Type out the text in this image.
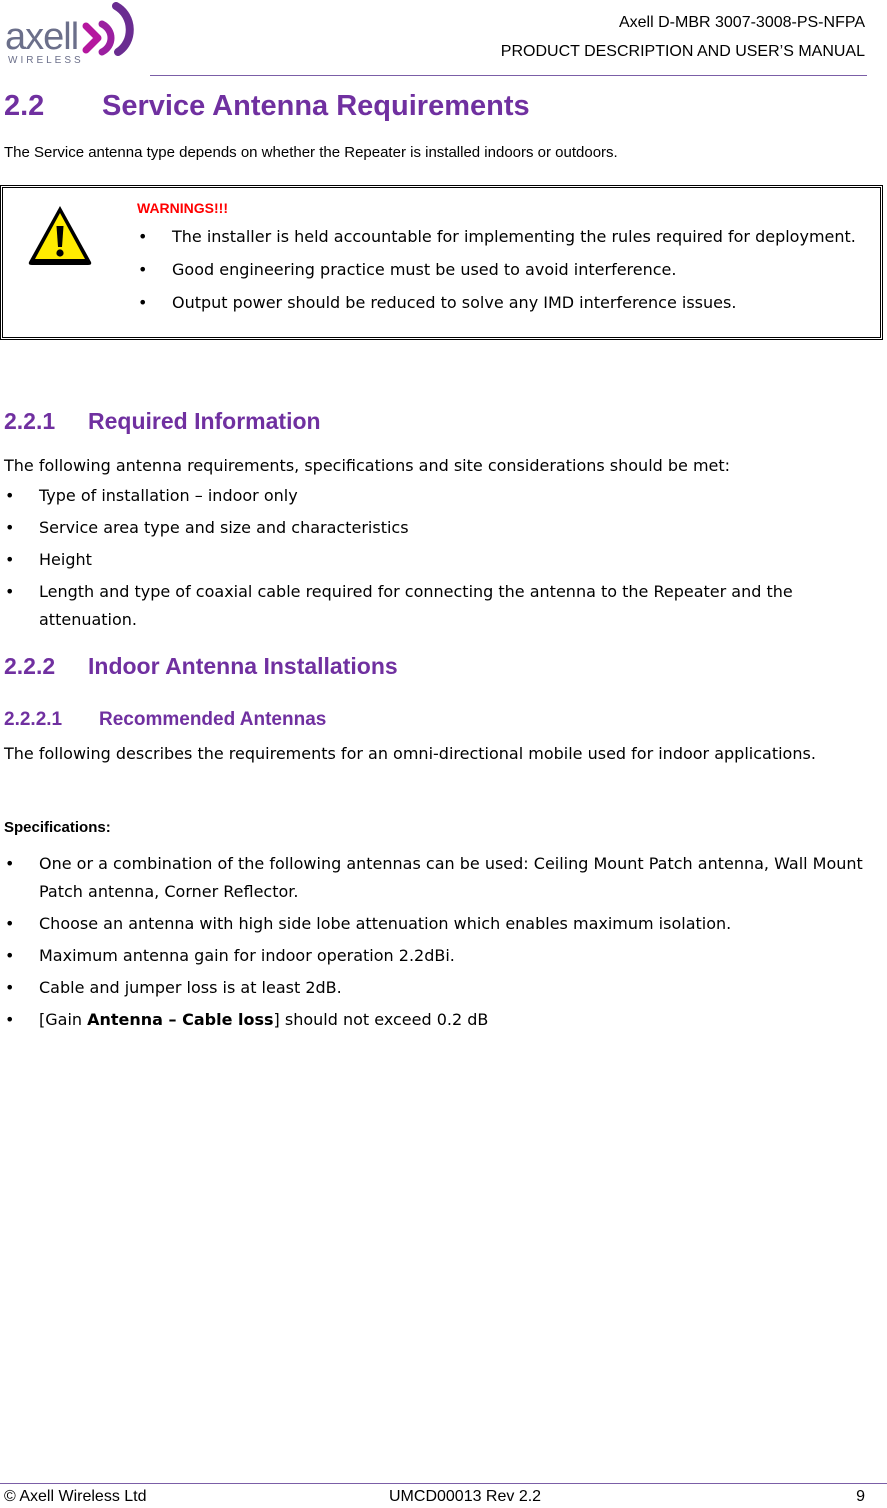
axell
WIRELESS
Axell D-MBR 3007-3008-PS-NFPA
PRODUCT DESCRIPTION AND USER’S MANUAL
2.2 Service Antenna Requirements
The Service antenna type depends on whether the Repeater is installed indoors or outdoors.
WARNINGS!!!
• The installer is held accountable for implementing the rules required for deployment.
• Good engineering practice must be used to avoid interference.
• Output power should be reduced to solve any IMD interference issues.
2.2.1 Required Information

The following antenna requirements, specifications and site considerations should be met:

• Type of installation – indoor only
• Service area type and size and characteristics
• Height
• Length and type of coaxial cable required for connecting the antenna to the Repeater and the attenuation.
2.2.2 Indoor Antenna Installations
2.2.2.1 Recommended Antennas

The following describes the requirements for an omni-directional mobile used for indoor applications.

Specifications:
• One or a combination of the following antennas can be used: Ceiling Mount Patch antenna, Wall Mount Patch antenna, Corner Reflector.
• Choose an antenna with high side lobe attenuation which enables maximum isolation.
• Maximum antenna gain for indoor operation 2.2dBi.
• Cable and jumper loss is at least 2dB.
• [Gain Antenna – Cable loss] should not exceed 0.2 dB
© Axell Wireless Ltd	UMCD00013 Rev 2.2	9
